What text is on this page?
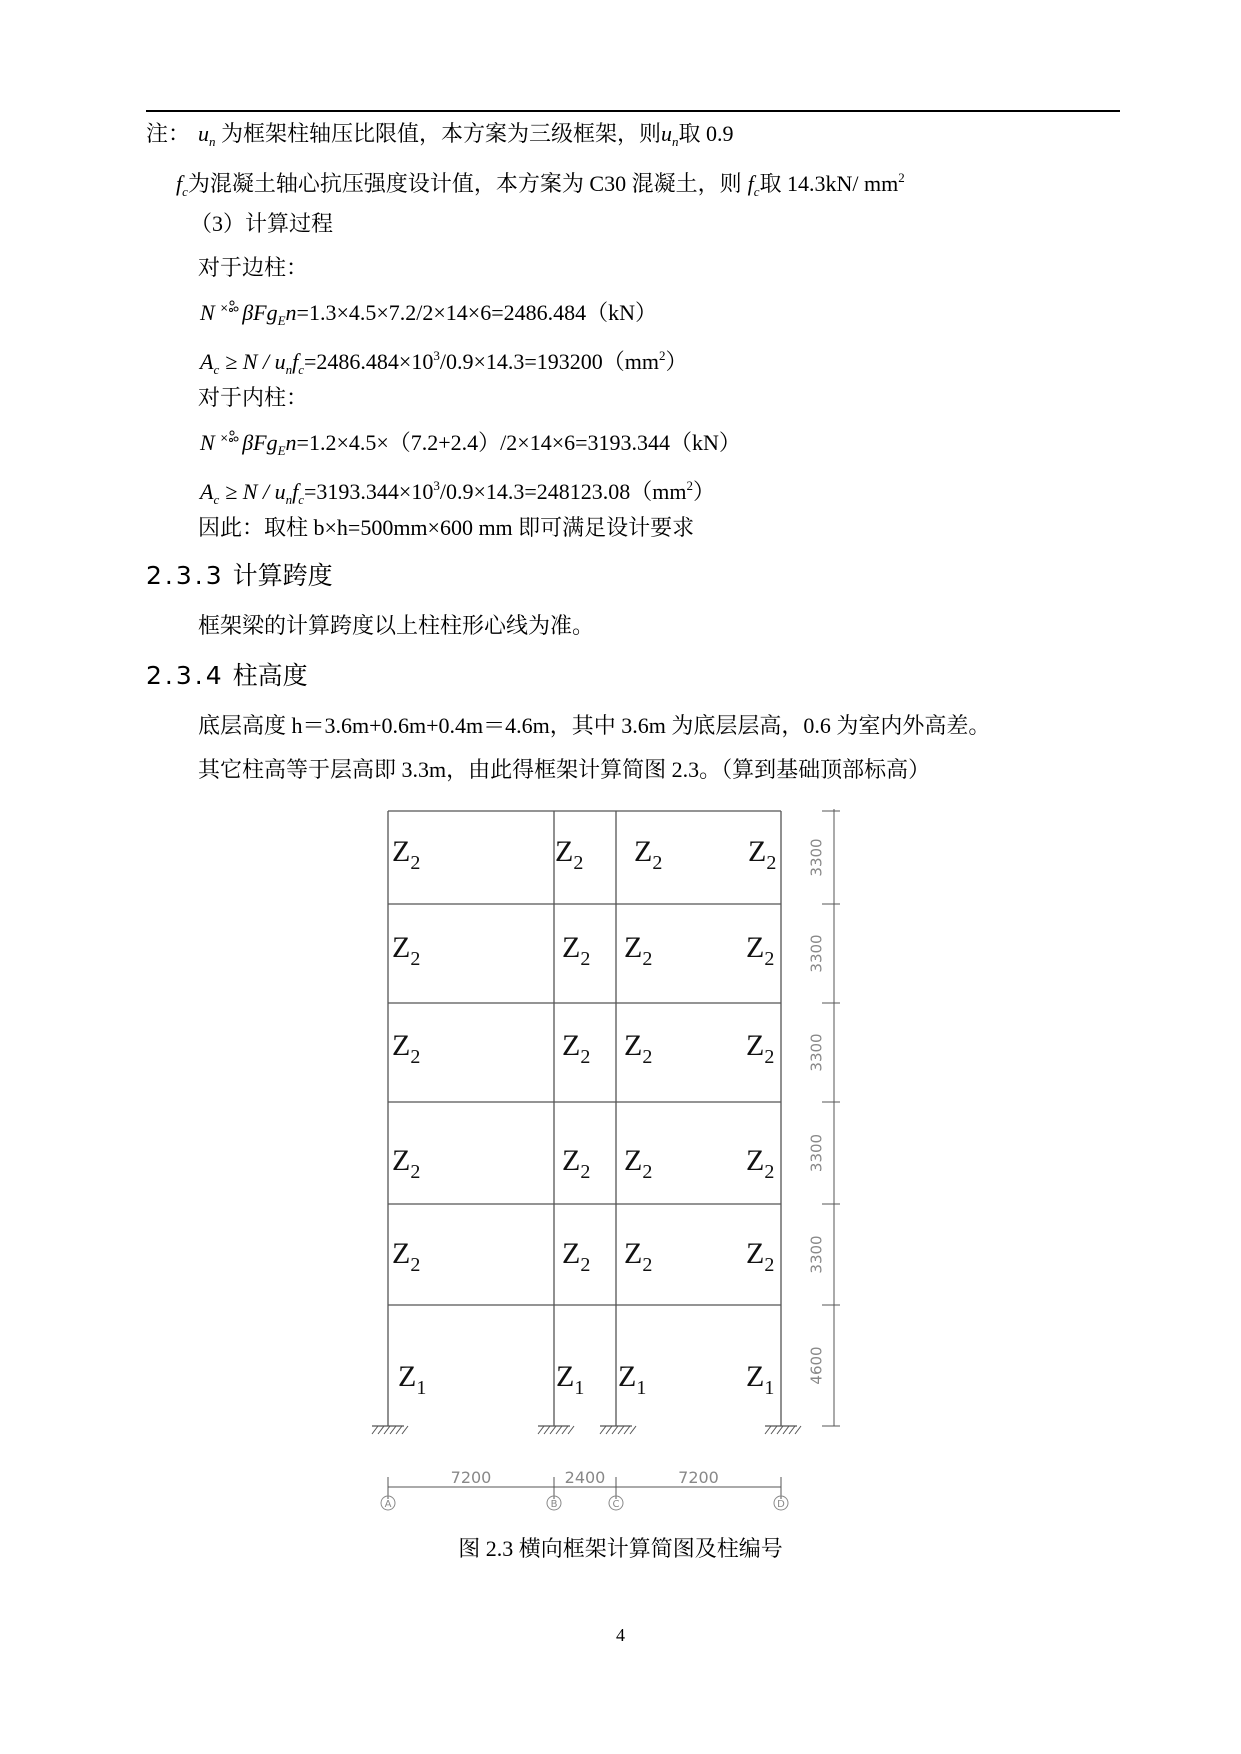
注： $u_n$ 为框架柱轴压比限值，本方案为三级框架，则$u_n$取 0.9
$f_c$为混凝土轴心抗压强度设计值，本方案为 C30 混凝土，则 $f_c$取 14.3kN/ $mm^2$
（3）计算过程
对于边柱：
N × βFg$_E$n=1.3×4.5×7.2/2×14×6=2486.484（kN）
$A_c \ge N / u_nf_c=2486.484\times 10^3/0.9\times 14.3=193200(mm^2)$
对于内柱：
N × βFg$_E$n=1.2×4.5×（7.2+2.4）/2×14×6=3193.344（kN）
$A_c \ge N / u_nf_c=3193.344\times 10^3/0.9\times 14.3=248123.08(mm^2)$
因此：取柱 b×h=500mm×600 mm 即可满足设计要求
2.3.3 计算跨度
框架梁的计算跨度以上柱柱形心线为准。
2.3.4 柱高度
底层高度 h＝3.6m+0.6m+0.4m＝4.6m，其中 3.6m 为底层层高，0.6 为室内外高差。
其它柱高等于层高即 3.3m，由此得框架计算简图 2.3。（算到基础顶部标高）
3300
3300
3300
3300
3300
4600
7200	2400	7200
A	B	C	D
$Z_2$	$Z_2$ $Z_2$	$Z_2$
$Z_2$	$Z_2$ $Z_2$	$Z_2$
$Z_2$	$Z_2$ $Z_2$	$Z_2$
$Z_2$	$Z_2$ $Z_2$	$Z_2$
$Z_2$	$Z_2$ $Z_2$	$Z_2$
$Z_1$	$Z_1$ $Z_1$	$Z_1$
图 2.3 横向框架计算简图及柱编号
4
